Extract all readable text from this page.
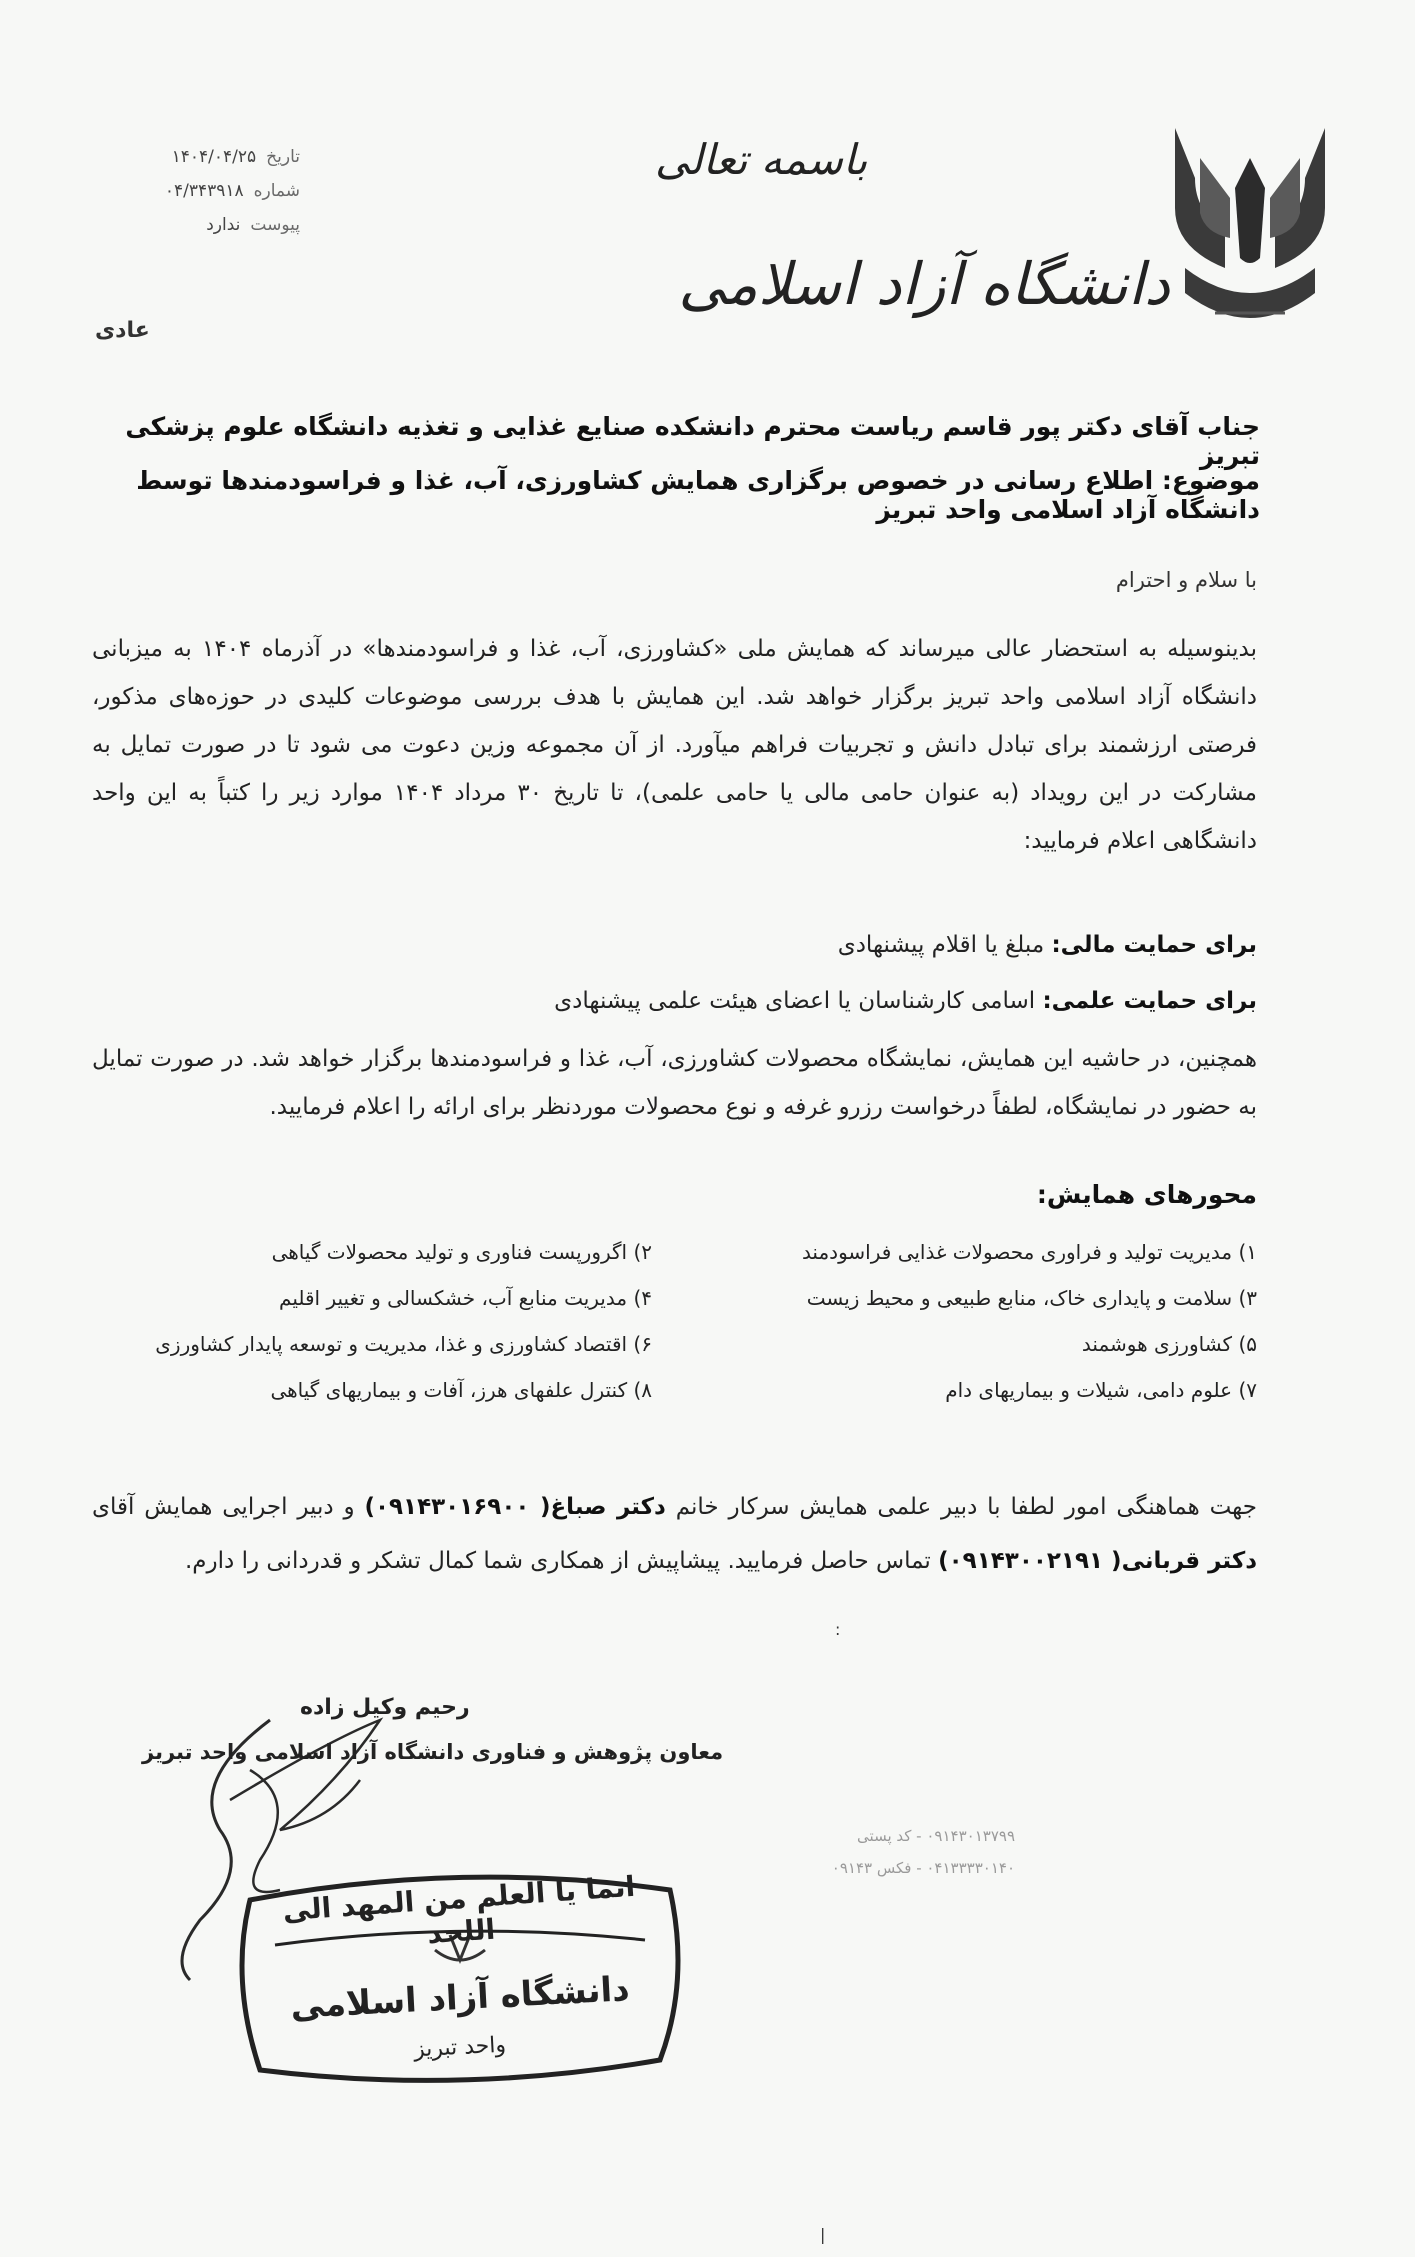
دانشگاه آزاد اسلامی
باسمه تعالی
تاریخ
۱۴۰۴/۰۴/۲۵
شماره
۰۴/۳۴۳۹۱۸
پیوست
ندارد
عادی
جناب آقای دکتر پور قاسم ریاست محترم دانشکده صنایع غذایی و تغذیه دانشگاه علوم پزشکی تبریز
موضوع: اطلاع رسانی در خصوص برگزاری همایش کشاورزی، آب، غذا و فراسودمندها توسط دانشگاه آزاد اسلامی واحد تبریز
با سلام و احترام
بدینوسیله به استحضار عالی میرساند که همایش ملی «کشاورزی، آب، غذا و فراسودمندها» در آذرماه ۱۴۰۴ به میزبانی دانشگاه آزاد اسلامی واحد تبریز برگزار خواهد شد. این همایش با هدف بررسی موضوعات کلیدی در حوزه‌های مذکور، فرصتی ارزشمند برای تبادل دانش و تجربیات فراهم میآورد. از آن مجموعه وزین دعوت می شود تا در صورت تمایل به مشارکت در این رویداد (به عنوان حامی مالی یا حامی علمی)، تا تاریخ ۳۰ مرداد ۱۴۰۴ موارد زیر را کتباً به این واحد دانشگاهی اعلام فرمایید:
برای حمایت مالی: مبلغ یا اقلام پیشنهادی
برای حمایت علمی: اسامی کارشناسان یا اعضای هیئت علمی پیشنهادی
همچنین، در حاشیه این همایش، نمایشگاه محصولات کشاورزی، آب، غذا و فراسودمندها برگزار خواهد شد. در صورت تمایل به حضور در نمایشگاه، لطفاً درخواست رزرو غرفه و نوع محصولات موردنظر برای ارائه را اعلام فرمایید.
محورهای همایش:
۱) مدیریت تولید و فراوری محصولات غذایی فراسودمند
۲) اگرورپست فناوری و تولید محصولات گیاهی
۳) سلامت و پایداری خاک، منابع طبیعی و محیط زیست
۴) مدیریت منابع آب، خشکسالی و تغییر اقلیم
۵) کشاورزی هوشمند
۶) اقتصاد کشاورزی و غذا، مدیریت و توسعه پایدار کشاورزی
۷) علوم دامی، شیلات و بیماریهای دام
۸) کنترل علفهای هرز، آفات و بیماریهای گیاهی
جهت هماهنگی امور لطفا با دبیر علمی همایش سرکار خانم دکتر صباغ( ۰۹۱۴۳۰۱۶۹۰۰) و دبیر اجرایی همایش آقای دکتر قربانی( ۰۹۱۴۳۰۰۲۱۹۱) تماس حاصل فرمایید. پیشاپیش از همکاری شما کمال تشکر و قدردانی را دارم.
:
رحیم وکیل زاده
معاون پژوهش و فناوری دانشگاه آزاد اسلامی واحد تبریز
۰۹۱۴۳۰۱۳۷۹۹ - کد پستی
۰۴۱۳۳۳۳۰۱۴۰ - فکس ۰۹۱۴۳
انما یا العلم من المهد الی اللحد
دانشگاه آزاد اسلامی
واحد تبریز
|
